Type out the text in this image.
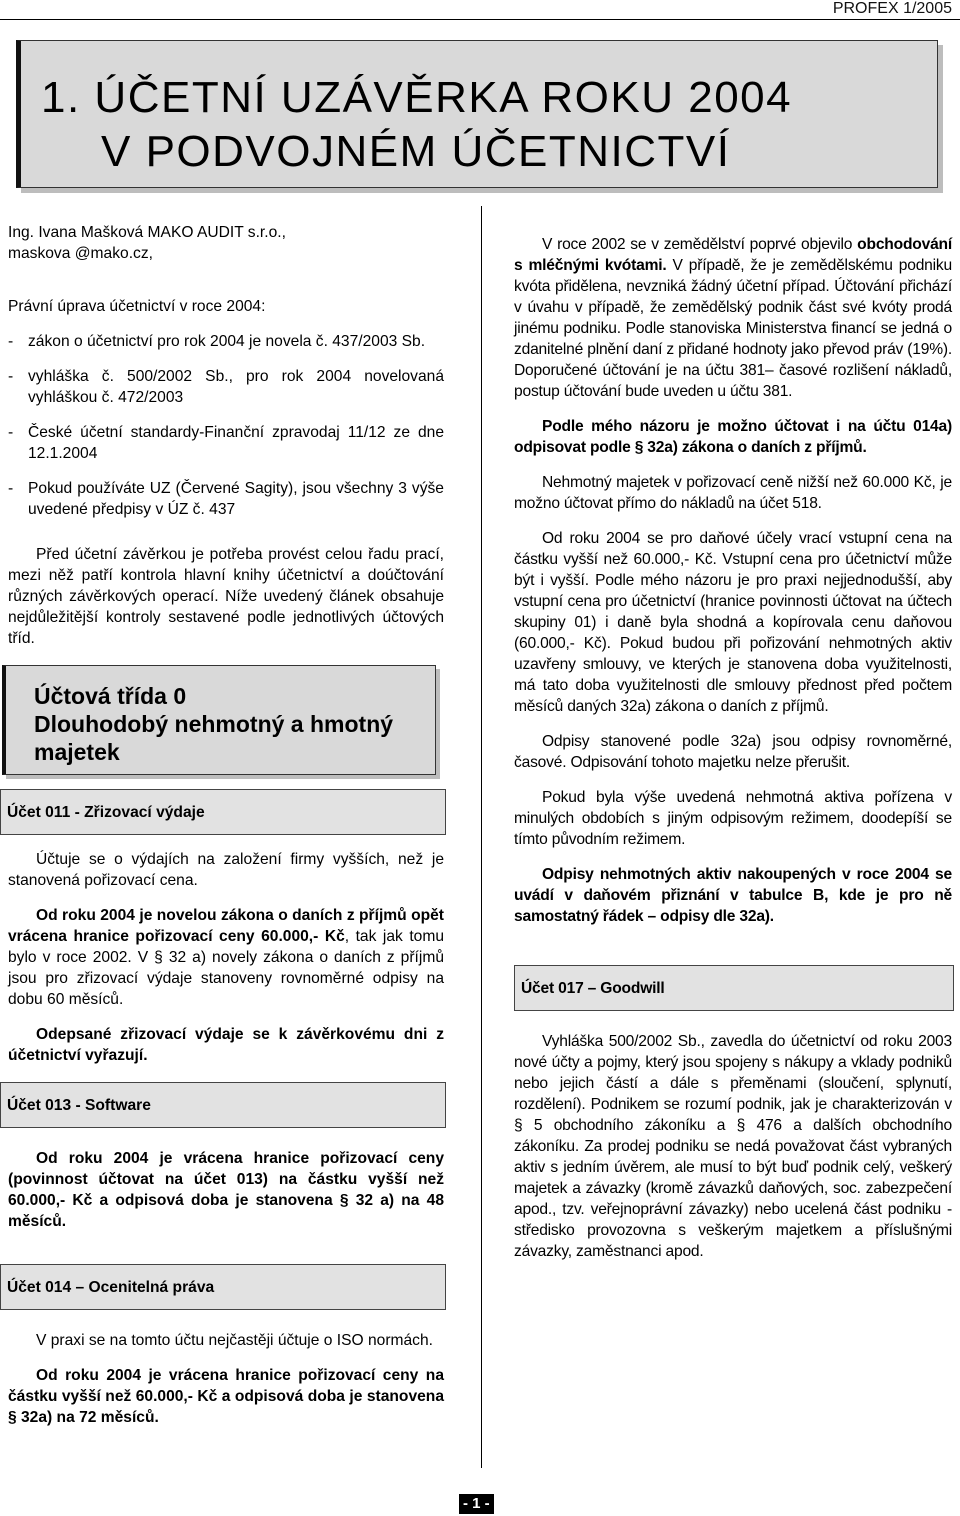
PROFEX 1/2005
1. ÚČETNÍ UZÁVĚRKA ROKU 2004
V PODVOJNÉM ÚČETNICTVÍ

Ing. Ivana Mašková MAKO AUDIT s.r.o., maskova @mako.cz,

Právní úprava účetnictví v roce 2004:

- zákon o účetnictví pro rok 2004 je novela č. 437/2003 Sb.
- vyhláška č. 500/2002 Sb., pro rok 2004 novelovaná vyhláškou č. 472/2003
- České účetní standardy-Finanční zpravodaj 11/12 ze dne 12.1.2004
- Pokud používáte UZ (Červené Sagity), jsou všechny 3 výše uvedené předpisy v ÚZ č. 437

Před účetní závěrkou je potřeba provést celou řadu prací, mezi něž patří kontrola hlavní knihy účetnictví a doúčtování různých závěrkových operací. Níže uvedený článek obsahuje nejdůležitější kontroly sestavené podle jednotlivých účtových tříd.

Účtová třída 0
Dlouhodobý nehmotný a hmotný
majetek
Účet 011 - Zřizovací výdaje

Účtuje se o výdajích na založení firmy vyšších, než je stanovená pořizovací cena.

Od roku 2004 je novelou zákona o daních z příjmů opět vrácena hranice pořizovací ceny 60.000,- Kč, tak jak tomu bylo v roce 2002. V § 32 a) novely zákona o daních z příjmů jsou pro zřizovací výdaje stanoveny rovnoměrné odpisy na dobu 60 měsíců.

Odepsané zřizovací výdaje se k závěrkovému dni z účetnictví vyřazují.

Účet 013 - Software

Od roku 2004 je vrácena hranice pořizovací ceny (povinnost účtovat na účet 013) na částku vyšší než 60.000,- Kč a odpisová doba je stanovena § 32 a) na 48 měsíců.

Účet 014 – Ocenitelná práva

V praxi se na tomto účtu nejčastěji účtuje o ISO normách.

Od roku 2004 je vrácena hranice pořizovací ceny na částku vyšší než 60.000,- Kč a odpisová doba je stanovena § 32a) na 72 měsíců.

V roce 2002 se v zemědělství poprvé objevilo obchodování s mléčnými kvótami. V případě, že je zemědělskému podniku kvóta přidělena, nevzniká žádný účetní případ. Účtování přichází v úvahu v případě, že zemědělský podnik část své kvóty prodá jinému podniku. Podle stanoviska Ministerstva financí se jedná o zdanitelné plnění daní z přidané hodnoty jako převod práv (19%). Doporučené účtování je na účtu 381– časové rozlišení nákladů, postup účtování bude uveden u účtu 381.

Podle mého názoru je možno účtovat i na účtu 014a) odpisovat podle § 32a) zákona o daních z příjmů.

Nehmotný majetek v pořizovací ceně nižší než 60.000 Kč, je možno účtovat přímo do nákladů na účet 518.

Od roku 2004 se pro daňové účely vrací vstupní cena na částku vyšší než 60.000,- Kč. Vstupní cena pro účetnictví může být i vyšší. Podle mého názoru je pro praxi nejjednodušší, aby vstupní cena pro účetnictví (hranice povinnosti účtovat na účtech skupiny 01) i daně byla shodná a kopírovala cenu daňovou (60.000,- Kč). Pokud budou při pořizování nehmotných aktiv uzavřeny smlouvy, ve kterých je stanovena doba využitelnosti, má tato doba využitelnosti dle smlouvy přednost před počtem měsíců daných 32a) zákona o daních z příjmů.

Odpisy stanovené podle 32a) jsou odpisy rovnoměrné, časové. Odpisování tohoto majetku nelze přerušit.

Pokud byla výše uvedená nehmotná aktiva pořízena v minulých obdobích s jiným odpisovým režimem, doodepíší se tímto původním režimem.

Odpisy nehmotných aktiv nakoupených v roce 2004 se uvádí v daňovém přiznání v tabulce B, kde je pro ně samostatný řádek – odpisy dle 32a).

Účet 017 – Goodwill

Vyhláška 500/2002 Sb., zavedla do účetnictví od roku 2003 nové účty a pojmy, který jsou spojeny s nákupy a vklady podniků nebo jejich částí a dále s přeměnami (sloučení, splynutí, rozdělení). Podnikem se rozumí podnik, jak je charakterizován v § 5 obchodního zákoníku a § 476 a dalších obchodního zákoníku. Za prodej podniku se nedá považovat část vybraných aktiv s jedním úvěrem, ale musí to být buď podnik celý, veškerý majetek a závazky (kromě závazků daňových, soc. zabezpečení apod., tzv. veřejnoprávní závazky) nebo ucelená část podniku - středisko provozovna s veškerým majetkem a příslušnými závazky, zaměstnanci apod.

- 1 -
